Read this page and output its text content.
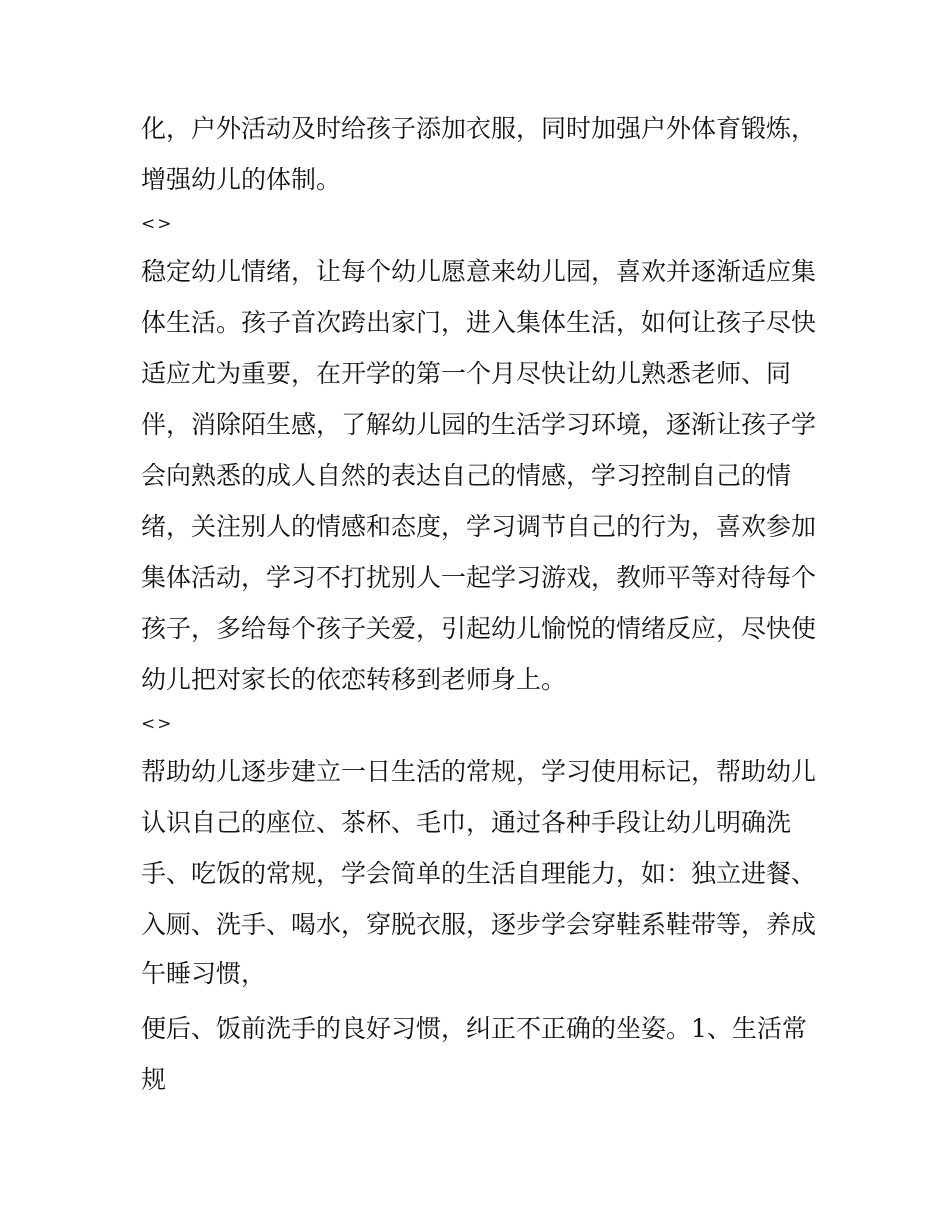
化，户外活动及时给孩子添加衣服，同时加强户外体育锻炼，
增强幼儿的体制。
<>
稳定幼儿情绪，让每个幼儿愿意来幼儿园，喜欢并逐渐适应集
体生活。孩子首次跨出家门，进入集体生活，如何让孩子尽快
适应尤为重要，在开学的第一个月尽快让幼儿熟悉老师、同
伴，消除陌生感，了解幼儿园的生活学习环境，逐渐让孩子学
会向熟悉的成人自然的表达自己的情感，学习控制自己的情
绪，关注别人的情感和态度，学习调节自己的行为，喜欢参加
集体活动，学习不打扰别人一起学习游戏，教师平等对待每个
孩子，多给每个孩子关爱，引起幼儿愉悦的情绪反应，尽快使
幼儿把对家长的依恋转移到老师身上。
<>
帮助幼儿逐步建立一日生活的常规，学习使用标记，帮助幼儿
认识自己的座位、茶杯、毛巾，通过各种手段让幼儿明确洗
手、吃饭的常规，学会简单的生活自理能力，如：独立进餐、
入厕、洗手、喝水，穿脱衣服，逐步学会穿鞋系鞋带等，养成
午睡习惯，
便后、饭前洗手的良好习惯，纠正不正确的坐姿。1、生活常
规
